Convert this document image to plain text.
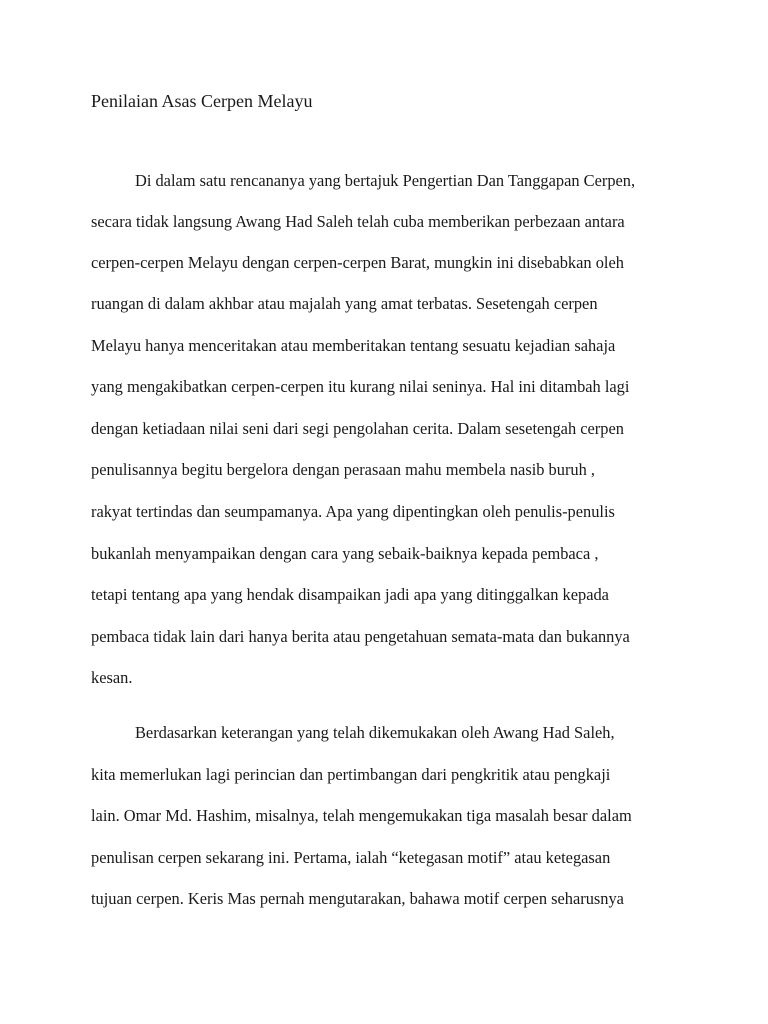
Penilaian Asas Cerpen Melayu

Di dalam satu rencananya yang bertajuk Pengertian Dan Tanggapan Cerpen,

secara tidak langsung Awang Had Saleh telah cuba memberikan perbezaan antara

cerpen-cerpen Melayu dengan cerpen-cerpen Barat, mungkin ini disebabkan oleh

ruangan di dalam akhbar atau majalah yang amat terbatas. Sesetengah cerpen

Melayu hanya menceritakan atau memberitakan tentang sesuatu kejadian sahaja

yang mengakibatkan cerpen-cerpen itu kurang nilai seninya. Hal ini ditambah lagi

dengan ketiadaan nilai seni dari segi pengolahan cerita. Dalam sesetengah cerpen

penulisannya begitu bergelora dengan perasaan mahu membela nasib buruh ,

rakyat tertindas dan seumpamanya. Apa yang dipentingkan oleh penulis-penulis

bukanlah menyampaikan dengan cara yang sebaik-baiknya kepada pembaca ,

tetapi tentang apa yang hendak disampaikan jadi apa yang ditinggalkan kepada

pembaca tidak lain dari hanya berita atau pengetahuan semata-mata dan bukannya

kesan.

Berdasarkan keterangan yang telah dikemukakan oleh Awang Had Saleh,

kita memerlukan lagi perincian dan pertimbangan dari pengkritik atau pengkaji

lain. Omar Md. Hashim, misalnya, telah mengemukakan tiga masalah besar dalam

penulisan cerpen sekarang ini. Pertama, ialah “ketegasan motif” atau ketegasan

tujuan cerpen. Keris Mas pernah mengutarakan, bahawa motif cerpen seharusnya
